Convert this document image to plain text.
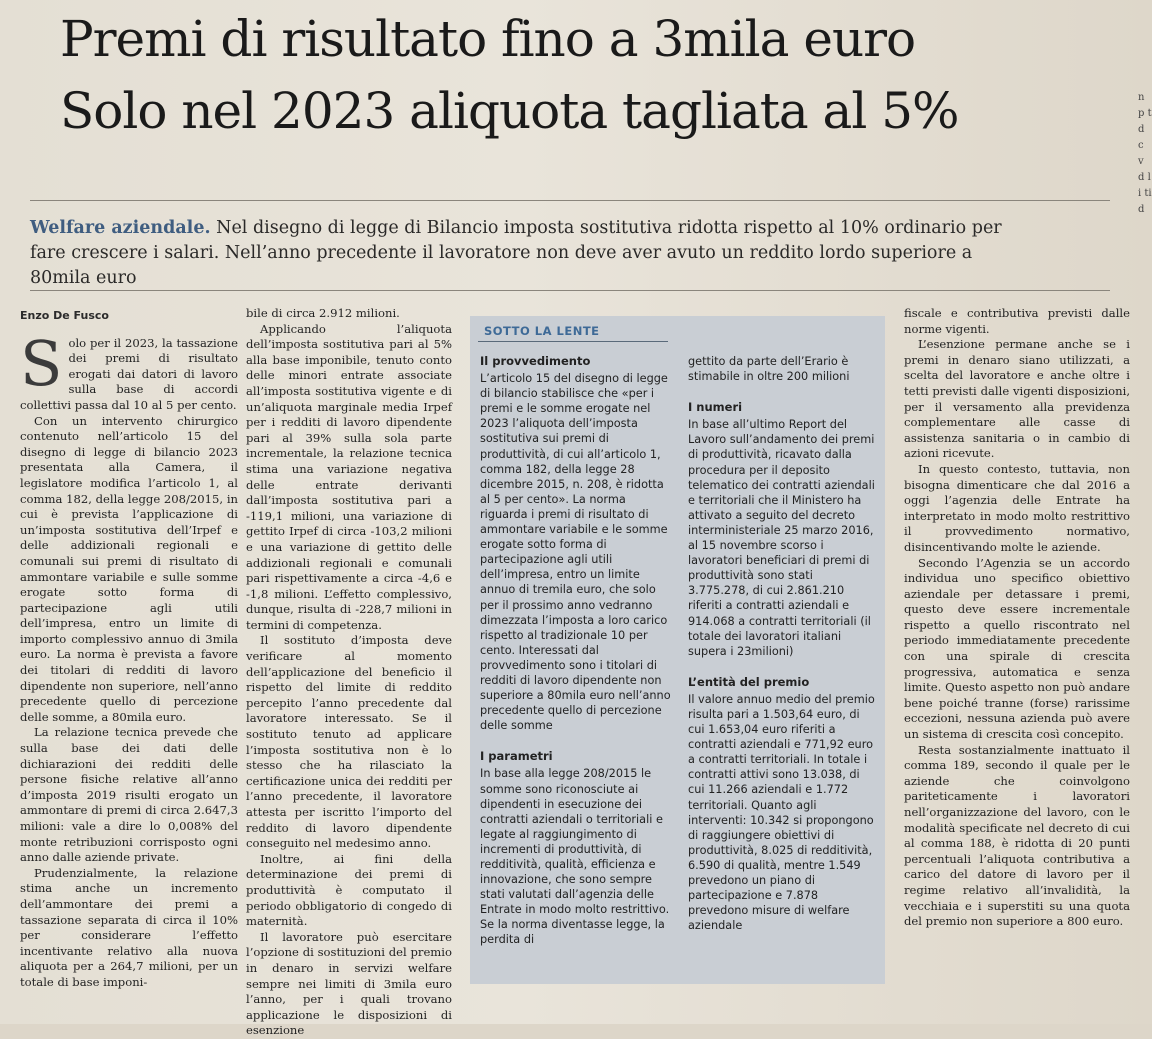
Premi di risultato fino a 3mila euro
Solo nel 2023 aliquota tagliata al 5%
Welfare aziendale. Nel disegno di legge di Bilancio imposta sostitutiva ridotta rispetto al 10% ordinario per fare crescere i salari. Nell’anno precedente il lavoratore non deve aver avuto un reddito lordo superiore a 80mila euro
Enzo De Fusco

Solo per il 2023, la tassazione dei premi di risultato erogati dai datori di lavoro sulla base di accordi collettivi passa dal 10 al 5 per cento.

Con un intervento chirurgico contenuto nell’articolo 15 del disegno di legge di bilancio 2023 presentata alla Camera, il legislatore modifica l’articolo 1, al comma 182, della legge 208/2015, in cui è prevista l’applicazione di un’imposta sostitutiva dell’Irpef e delle addizionali regionali e comunali sui premi di risultato di ammontare variabile e sulle somme erogate sotto forma di partecipazione agli utili dell’impresa, entro un limite di importo complessivo annuo di 3mila euro. La norma è prevista a favore dei titolari di redditi di lavoro dipendente non superiore, nell’anno precedente quello di percezione delle somme, a 80mila euro.

La relazione tecnica prevede che sulla base dei dati delle dichiarazioni dei redditi delle persone fisiche relative all’anno d’imposta 2019 risulti erogato un ammontare di premi di circa 2.647,3 milioni: vale a dire lo 0,008% del monte retribuzioni corrisposto ogni anno dalle aziende private.

Prudenzialmente, la relazione stima anche un incremento dell’ammontare dei premi a tassazione separata di circa il 10% per considerare l’effetto incentivante relativo alla nuova aliquota per a 264,7 milioni, per un totale di base imponi-

bile di circa 2.912 milioni.

Applicando l’aliquota dell’imposta sostitutiva pari al 5% alla base imponibile, tenuto conto delle minori entrate associate all’imposta sostitutiva vigente e di un’aliquota marginale media Irpef per i redditi di lavoro dipendente pari al 39% sulla sola parte incrementale, la relazione tecnica stima una variazione negativa delle entrate derivanti dall’imposta sostitutiva pari a -119,1 milioni, una variazione di gettito Irpef di circa -103,2 milioni e una variazione di gettito delle addizionali regionali e comunali pari rispettivamente a circa -4,6 e -1,8 milioni. L’effetto complessivo, dunque, risulta di -228,7 milioni in termini di competenza.

Il sostituto d’imposta deve verificare al momento dell’applicazione del beneficio il rispetto del limite di reddito percepito l’anno precedente dal lavoratore interessato. Se il sostituto tenuto ad applicare l’imposta sostitutiva non è lo stesso che ha rilasciato la certificazione unica dei redditi per l’anno precedente, il lavoratore attesta per iscritto l’importo del reddito di lavoro dipendente conseguito nel medesimo anno.

Inoltre, ai fini della determinazione dei premi di produttività è computato il periodo obbligatorio di congedo di maternità.

Il lavoratore può esercitare l’opzione di sostituzioni del premio in denaro in servizi welfare sempre nei limiti di 3mila euro l’anno, per i quali trovano applicazione le disposizioni di esenzione

SOTTO LA LENTE
Il provvedimento

L’articolo 15 del disegno di legge di bilancio stabilisce che «per i premi e le somme erogate nel 2023 l’aliquota dell’imposta sostitutiva sui premi di produttività, di cui all’articolo 1, comma 182, della legge 28 dicembre 2015, n. 208, è ridotta al 5 per cento». La norma riguarda i premi di risultato di ammontare variabile e le somme erogate sotto forma di partecipazione agli utili dell’impresa, entro un limite annuo di tremila euro, che solo per il prossimo anno vedranno dimezzata l’imposta a loro carico rispetto al tradizionale 10 per cento. Interessati dal provvedimento sono i titolari di redditi di lavoro dipendente non superiore a 80mila euro nell’anno precedente quello di percezione delle somme

I parametri

In base alla legge 208/2015 le somme sono riconosciute ai dipendenti in esecuzione dei contratti aziendali o territoriali e legate al raggiungimento di incrementi di produttività, di redditività, qualità, efficienza e innovazione, che sono sempre stati valutati dall’agenzia delle Entrate in modo molto restrittivo. Se la norma diventasse legge, la perdita di

gettito da parte dell’Erario è stimabile in oltre 200 milioni

I numeri

In base all’ultimo Report del Lavoro sull’andamento dei premi di produttività, ricavato dalla procedura per il deposito telematico dei contratti aziendali e territoriali che il Ministero ha attivato a seguito del decreto interministeriale 25 marzo 2016, al 15 novembre scorso i lavoratori beneficiari di premi di produttività sono stati 3.775.278, di cui 2.861.210 riferiti a contratti aziendali e 914.068 a contratti territoriali (il totale dei lavoratori italiani supera i 23milioni)

L’entità del premio

Il valore annuo medio del premio risulta pari a 1.503,64 euro, di cui 1.653,04 euro riferiti a contratti aziendali e 771,92 euro a contratti territoriali. In totale i contratti attivi sono 13.038, di cui 11.266 aziendali e 1.772 territoriali. Quanto agli interventi: 10.342 si propongono di raggiungere obiettivi di produttività, 8.025 di redditività, 6.590 di qualità, mentre 1.549 prevedono un piano di partecipazione e 7.878 prevedono misure di welfare aziendale

fiscale e contributiva previsti dalle norme vigenti.

L’esenzione permane anche se i premi in denaro siano utilizzati, a scelta del lavoratore e anche oltre i tetti previsti dalle vigenti disposizioni, per il versamento alla previdenza complementare alle casse di assistenza sanitaria o in cambio di azioni ricevute.

In questo contesto, tuttavia, non bisogna dimenticare che dal 2016 a oggi l’agenzia delle Entrate ha interpretato in modo molto restrittivo il provvedimento normativo, disincentivando molte le aziende.

Secondo l’Agenzia se un accordo individua uno specifico obiettivo aziendale per detassare i premi, questo deve essere incrementale rispetto a quello riscontrato nel periodo immediatamente precedente con una spirale di crescita progressiva, automatica e senza limite. Questo aspetto non può andare bene poiché tranne (forse) rarissime eccezioni, nessuna azienda può avere un sistema di crescita così concepito.

Resta sostanzialmente inattuato il comma 189, secondo il quale per le aziende che coinvolgono pariteticamente i lavoratori nell’organizzazione del lavoro, con le modalità specificate nel decreto di cui al comma 188, è ridotta di 20 punti percentuali l’aliquota contributiva a carico del datore di lavoro per il regime relativo all’invalidità, la vecchiaia e i superstiti su una quota del premio non superiore a 800 euro.

n p t d c v d li ti d
